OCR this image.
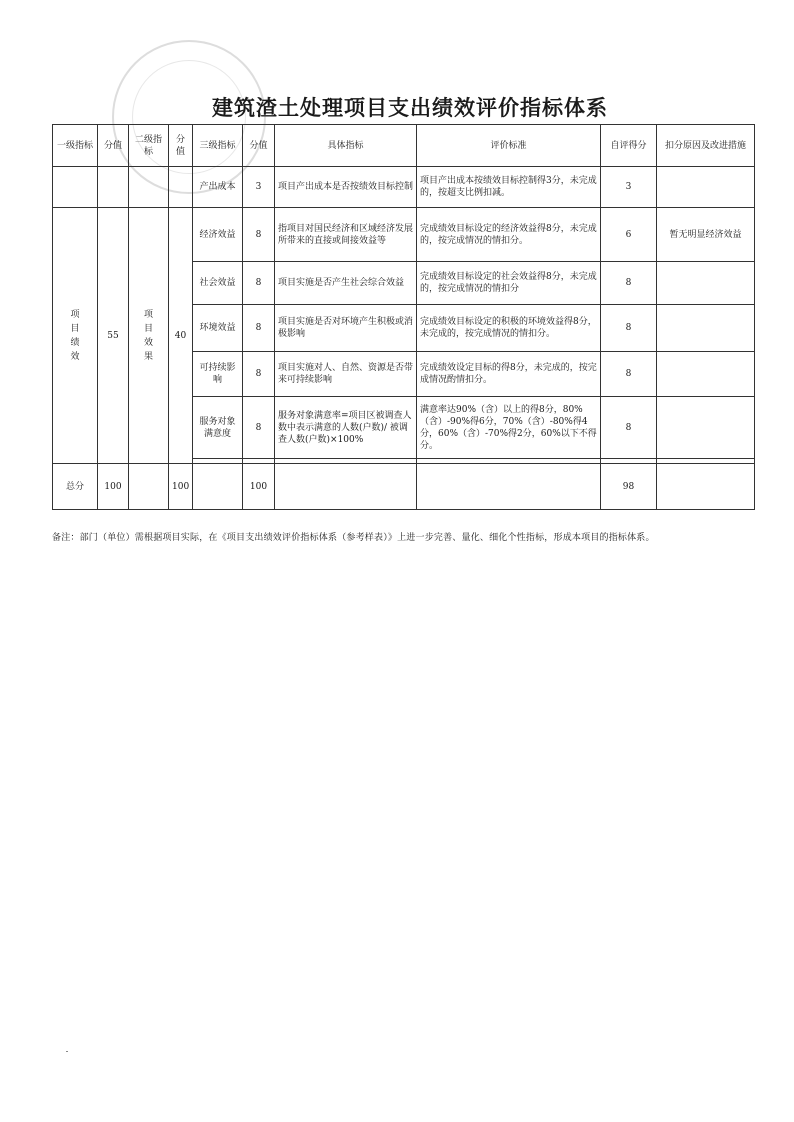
建筑渣土处理项目支出绩效评价指标体系
一级指标	分值	二级指标	分值	三级指标	分值	具体指标	评价标准	自评得分	扣分原因及改进措施
				产出成本	3	项目产出成本是否按绩效目标控制	项目产出成本按绩效目标控制得3分，未完成的，按超支比例扣减。	3	
项目绩效	55	项目效果	40	经济效益	8	指项目对国民经济和区域经济发展所带来的直接或间接效益等	完成绩效目标设定的经济效益得8分，未完成的，按完成情况的情扣分。	6	暂无明显经济效益
				社会效益	8	项目实施是否产生社会综合效益	完成绩效目标设定的社会效益得8分，未完成的，按完成情况的情扣分	8	
				环境效益	8	项目实施是否对环境产生积极或消极影响	完成绩效目标设定的积极的环境效益得8分，未完成的，按完成情况的情扣分。	8	
				可持续影响	8	项目实施对人、自然、资源是否带来可持续影响	完成绩效设定目标的得8分，未完成的，按完成情况酌情扣分。	8	
				服务对象满意度	8	服务对象满意率=项目区被调查人数中表示满意的人数(户数)/ 被调查人数(户数)×100%	满意率达90%（含）以上的得8分，80%（含）-90%得6分，70%（含）-80%得4分，60%（含）-70%得2分，60%以下不得分。	8	

总分	100		100		100			98	
备注：部门（单位）需根据项目实际，在《项目支出绩效评价指标体系（参考样表）》上进一步完善、量化、细化个性指标，形成本项目的指标体系。
